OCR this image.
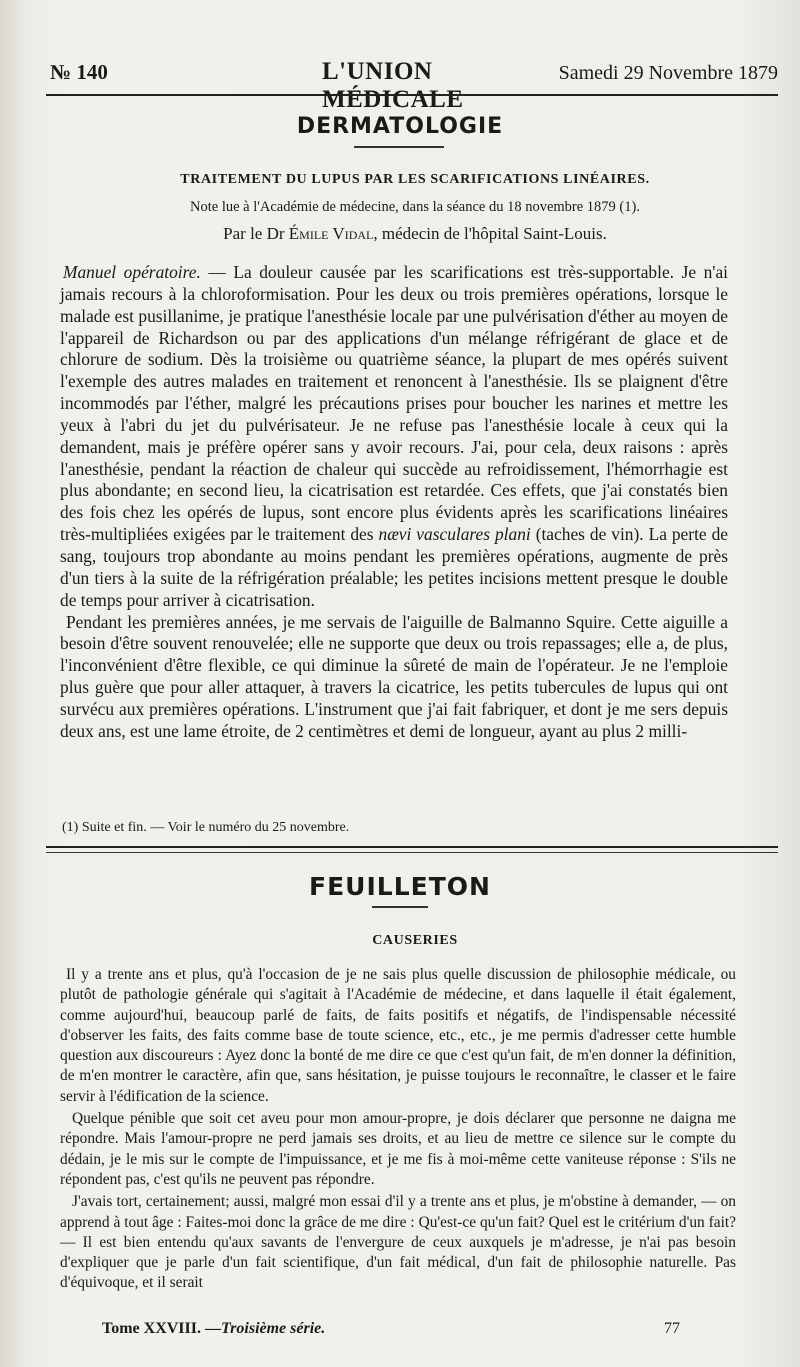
№ 140	L'UNION MÉDICALE
Samedi 29 Novembre 1879
DERMATOLOGIE
TRAITEMENT DU LUPUS PAR LES SCARIFICATIONS LINÉAIRES.
Note lue à l'Académie de médecine, dans la séance du 18 novembre 1879 (1).
Par le Dr Émile Vidal, médecin de l'hôpital Saint-Louis.

Manuel opératoire. — La douleur causée par les scarifications est très-supportable. Je n'ai jamais recours à la chloroformisation. Pour les deux ou trois premières opérations, lorsque le malade est pusillanime, je pratique l'anesthésie locale par une pulvérisation d'éther au moyen de l'appareil de Richardson ou par des applications d'un mélange réfrigérant de glace et de chlorure de sodium. Dès la troisième ou quatrième séance, la plupart de mes opérés suivent l'exemple des autres malades en traitement et renoncent à l'anesthésie. Ils se plaignent d'être incommodés par l'éther, malgré les précautions prises pour boucher les narines et mettre les yeux à l'abri du jet du pulvérisateur. Je ne refuse pas l'anesthésie locale à ceux qui la demandent, mais je préfère opérer sans y avoir recours. J'ai, pour cela, deux raisons : après l'anesthésie, pendant la réaction de chaleur qui succède au refroidissement, l'hémorrhagie est plus abondante; en second lieu, la cicatrisation est retardée. Ces effets, que j'ai constatés bien des fois chez les opérés de lupus, sont encore plus évidents après les scarifications linéaires très-multipliées exigées par le traitement des nævi vasculares plani (taches de vin). La perte de sang, toujours trop abondante au moins pendant les premières opérations, augmente de près d'un tiers à la suite de la réfrigération préalable; les petites incisions mettent presque le double de temps pour arriver à cicatrisation.

Pendant les premières années, je me servais de l'aiguille de Balmanno Squire. Cette aiguille a besoin d'être souvent renouvelée; elle ne supporte que deux ou trois repassages; elle a, de plus, l'inconvénient d'être flexible, ce qui diminue la sûreté de main de l'opérateur. Je ne l'emploie plus guère que pour aller attaquer, à travers la cicatrice, les petits tubercules de lupus qui ont survécu aux premières opérations. L'instrument que j'ai fait fabriquer, et dont je me sers depuis deux ans, est une lame étroite, de 2 centimètres et demi de longueur, ayant au plus 2 milli-

(1) Suite et fin. — Voir le numéro du 25 novembre.
FEUILLETON
CAUSERIES

Il y a trente ans et plus, qu'à l'occasion de je ne sais plus quelle discussion de philosophie médicale, ou plutôt de pathologie générale qui s'agitait à l'Académie de médecine, et dans laquelle il était également, comme aujourd'hui, beaucoup parlé de faits, de faits positifs et négatifs, de l'indispensable nécessité d'observer les faits, des faits comme base de toute science, etc., etc., je me permis d'adresser cette humble question aux discoureurs : Ayez donc la bonté de me dire ce que c'est qu'un fait, de m'en donner la définition, de m'en montrer le caractère, afin que, sans hésitation, je puisse toujours le reconnaître, le classer et le faire servir à l'édification de la science.

Quelque pénible que soit cet aveu pour mon amour-propre, je dois déclarer que personne ne daigna me répondre. Mais l'amour-propre ne perd jamais ses droits, et au lieu de mettre ce silence sur le compte du dédain, je le mis sur le compte de l'impuissance, et je me fis à moi-même cette vaniteuse réponse : S'ils ne répondent pas, c'est qu'ils ne peuvent pas répondre.

J'avais tort, certainement; aussi, malgré mon essai d'il y a trente ans et plus, je m'obstine à demander, — on apprend à tout âge : Faites-moi donc la grâce de me dire : Qu'est-ce qu'un fait? Quel est le critérium d'un fait? — Il est bien entendu qu'aux savants de l'envergure de ceux auxquels je m'adresse, je n'ai pas besoin d'expliquer que je parle d'un fait scientifique, d'un fait médical, d'un fait de philosophie naturelle. Pas d'équivoque, et il serait

Tome XXVIII. — Troisième série.	77
